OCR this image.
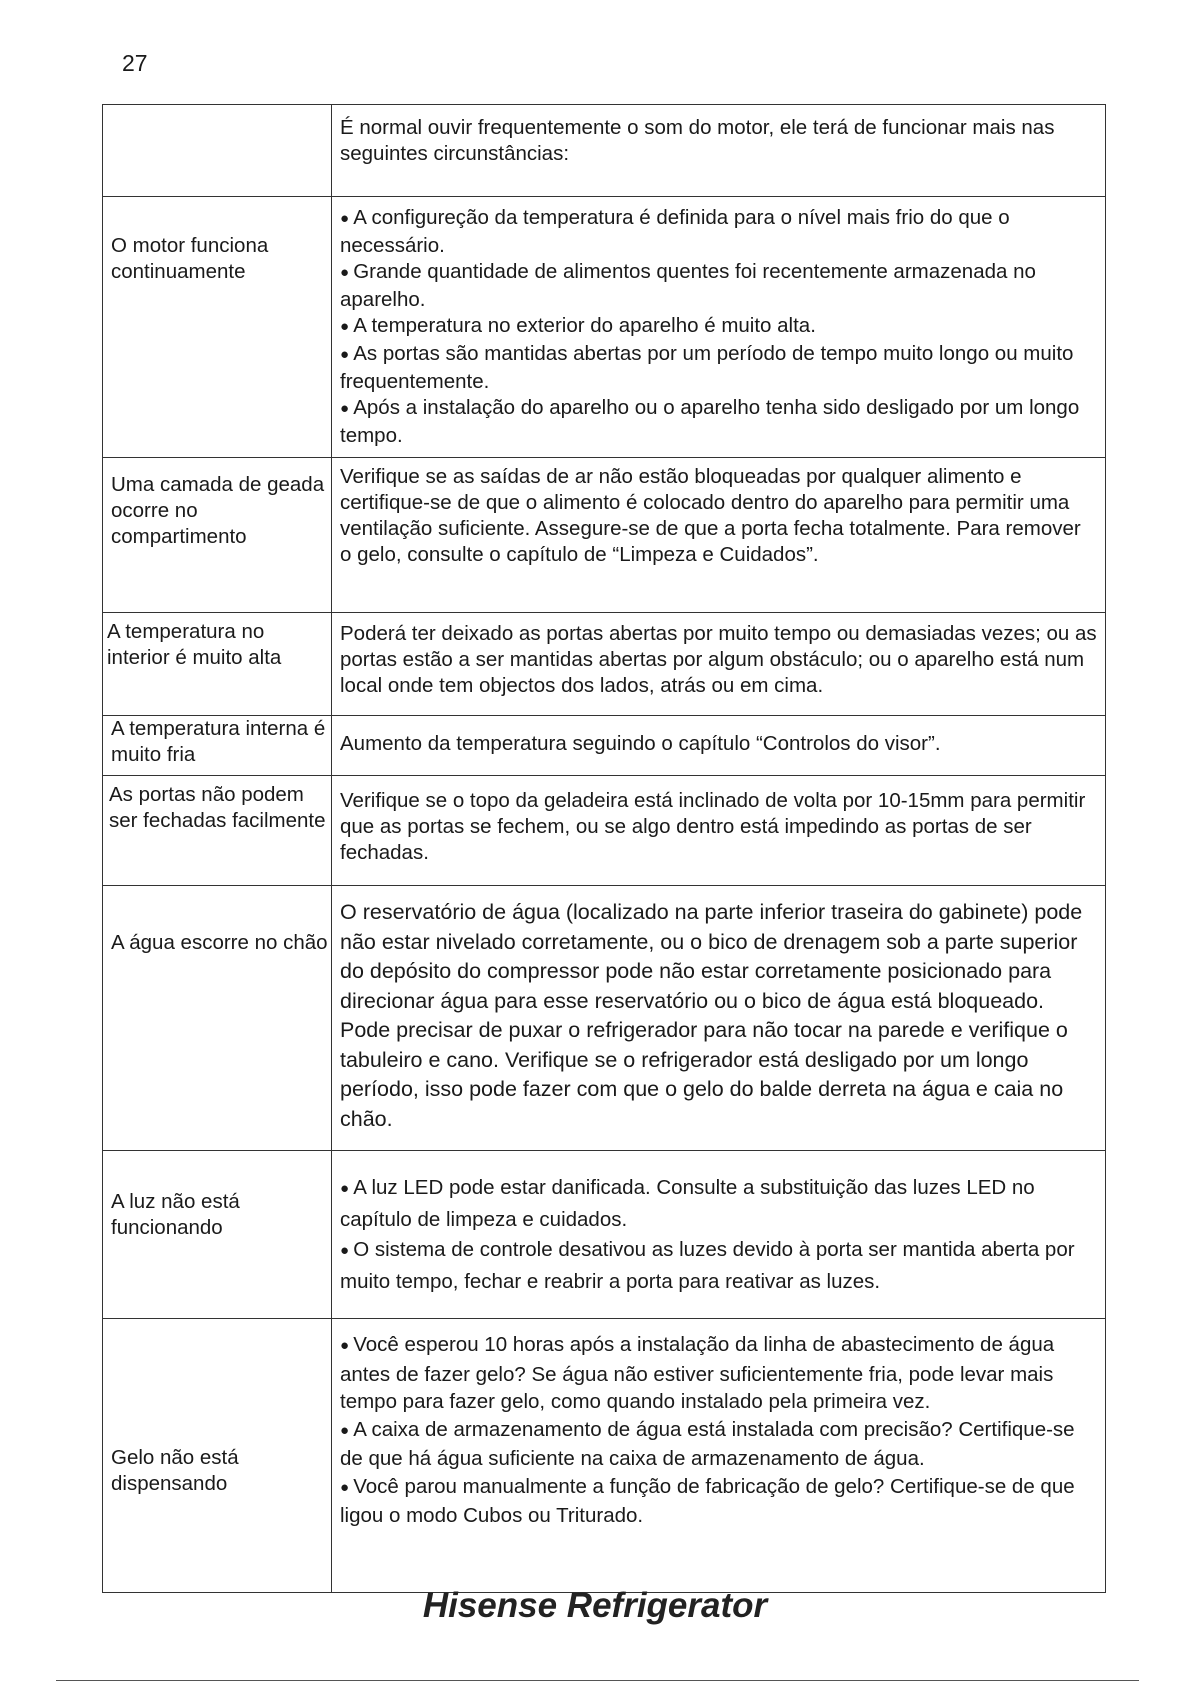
27

	É normal ouvir frequentemente o som do motor, ele terá de funcionar mais nas seguintes circunstâncias:

O motor funciona continuamente	● A configureção da temperatura é definida para o nível mais frio do que o necessário.

● Grande quantidade de alimentos quentes foi recentemente armazenada no aparelho.

● A temperatura no exterior do aparelho é muito alta.

● As portas são mantidas abertas por um período de tempo muito longo ou muito frequentemente.

● Após a instalação do aparelho ou o aparelho tenha sido desligado por um longo tempo.

Uma camada de geada ocorre no compartimento	Verifique se as saídas de ar não estão bloqueadas por qualquer alimento e certifique-se de que o alimento é colocado dentro do aparelho para permitir uma ventilação suficiente. Assegure-se de que a porta fecha totalmente. Para remover o gelo, consulte o capítulo de “Limpeza e Cuidados”.

A temperatura no interior é muito alta	Poderá ter deixado as portas abertas por muito tempo ou demasiadas vezes; ou as portas estão a ser mantidas abertas por algum obstáculo; ou o aparelho está num local onde tem objectos dos lados, atrás ou em cima.

A temperatura interna é muito fria	Aumento da temperatura seguindo o capítulo “Controlos do visor”.

As portas não podem ser fechadas facilmente	Verifique se o topo da geladeira está inclinado de volta por 10-15mm para permitir que as portas se fechem, ou se algo dentro está impedindo as portas de ser fechadas.

A água escorre no chão	O reservatório de água (localizado na parte inferior traseira do gabinete) pode não estar nivelado corretamente, ou o bico de drenagem sob a parte superior do depósito do compressor pode não estar corretamente posicionado para direcionar água para esse reservatório ou o bico de água está bloqueado. Pode precisar de puxar o refrigerador para não tocar na parede e verifique o tabuleiro e cano. Verifique se o refrigerador está desligado por um longo período, isso pode fazer com que o gelo do balde derreta na água e caia no chão.

A luz não está funcionando	● A luz LED pode estar danificada. Consulte a substituição das luzes LED no capítulo de limpeza e cuidados.

● O sistema de controle desativou as luzes devido à porta ser mantida aberta por muito tempo, fechar e reabrir a porta para reativar as luzes.

Gelo não está dispensando	● Você esperou 10 horas após a instalação da linha de abastecimento de água antes de fazer gelo? Se água não estiver suficientemente fria, pode levar mais tempo para fazer gelo, como quando instalado pela primeira vez.

● A caixa de armazenamento de água está instalada com precisão? Certifique-se de que há água suficiente na caixa de armazenamento de água.

● Você parou manualmente a função de fabricação de gelo? Certifique-se de que ligou o modo Cubos ou Triturado.

Hisense Refrigerator
